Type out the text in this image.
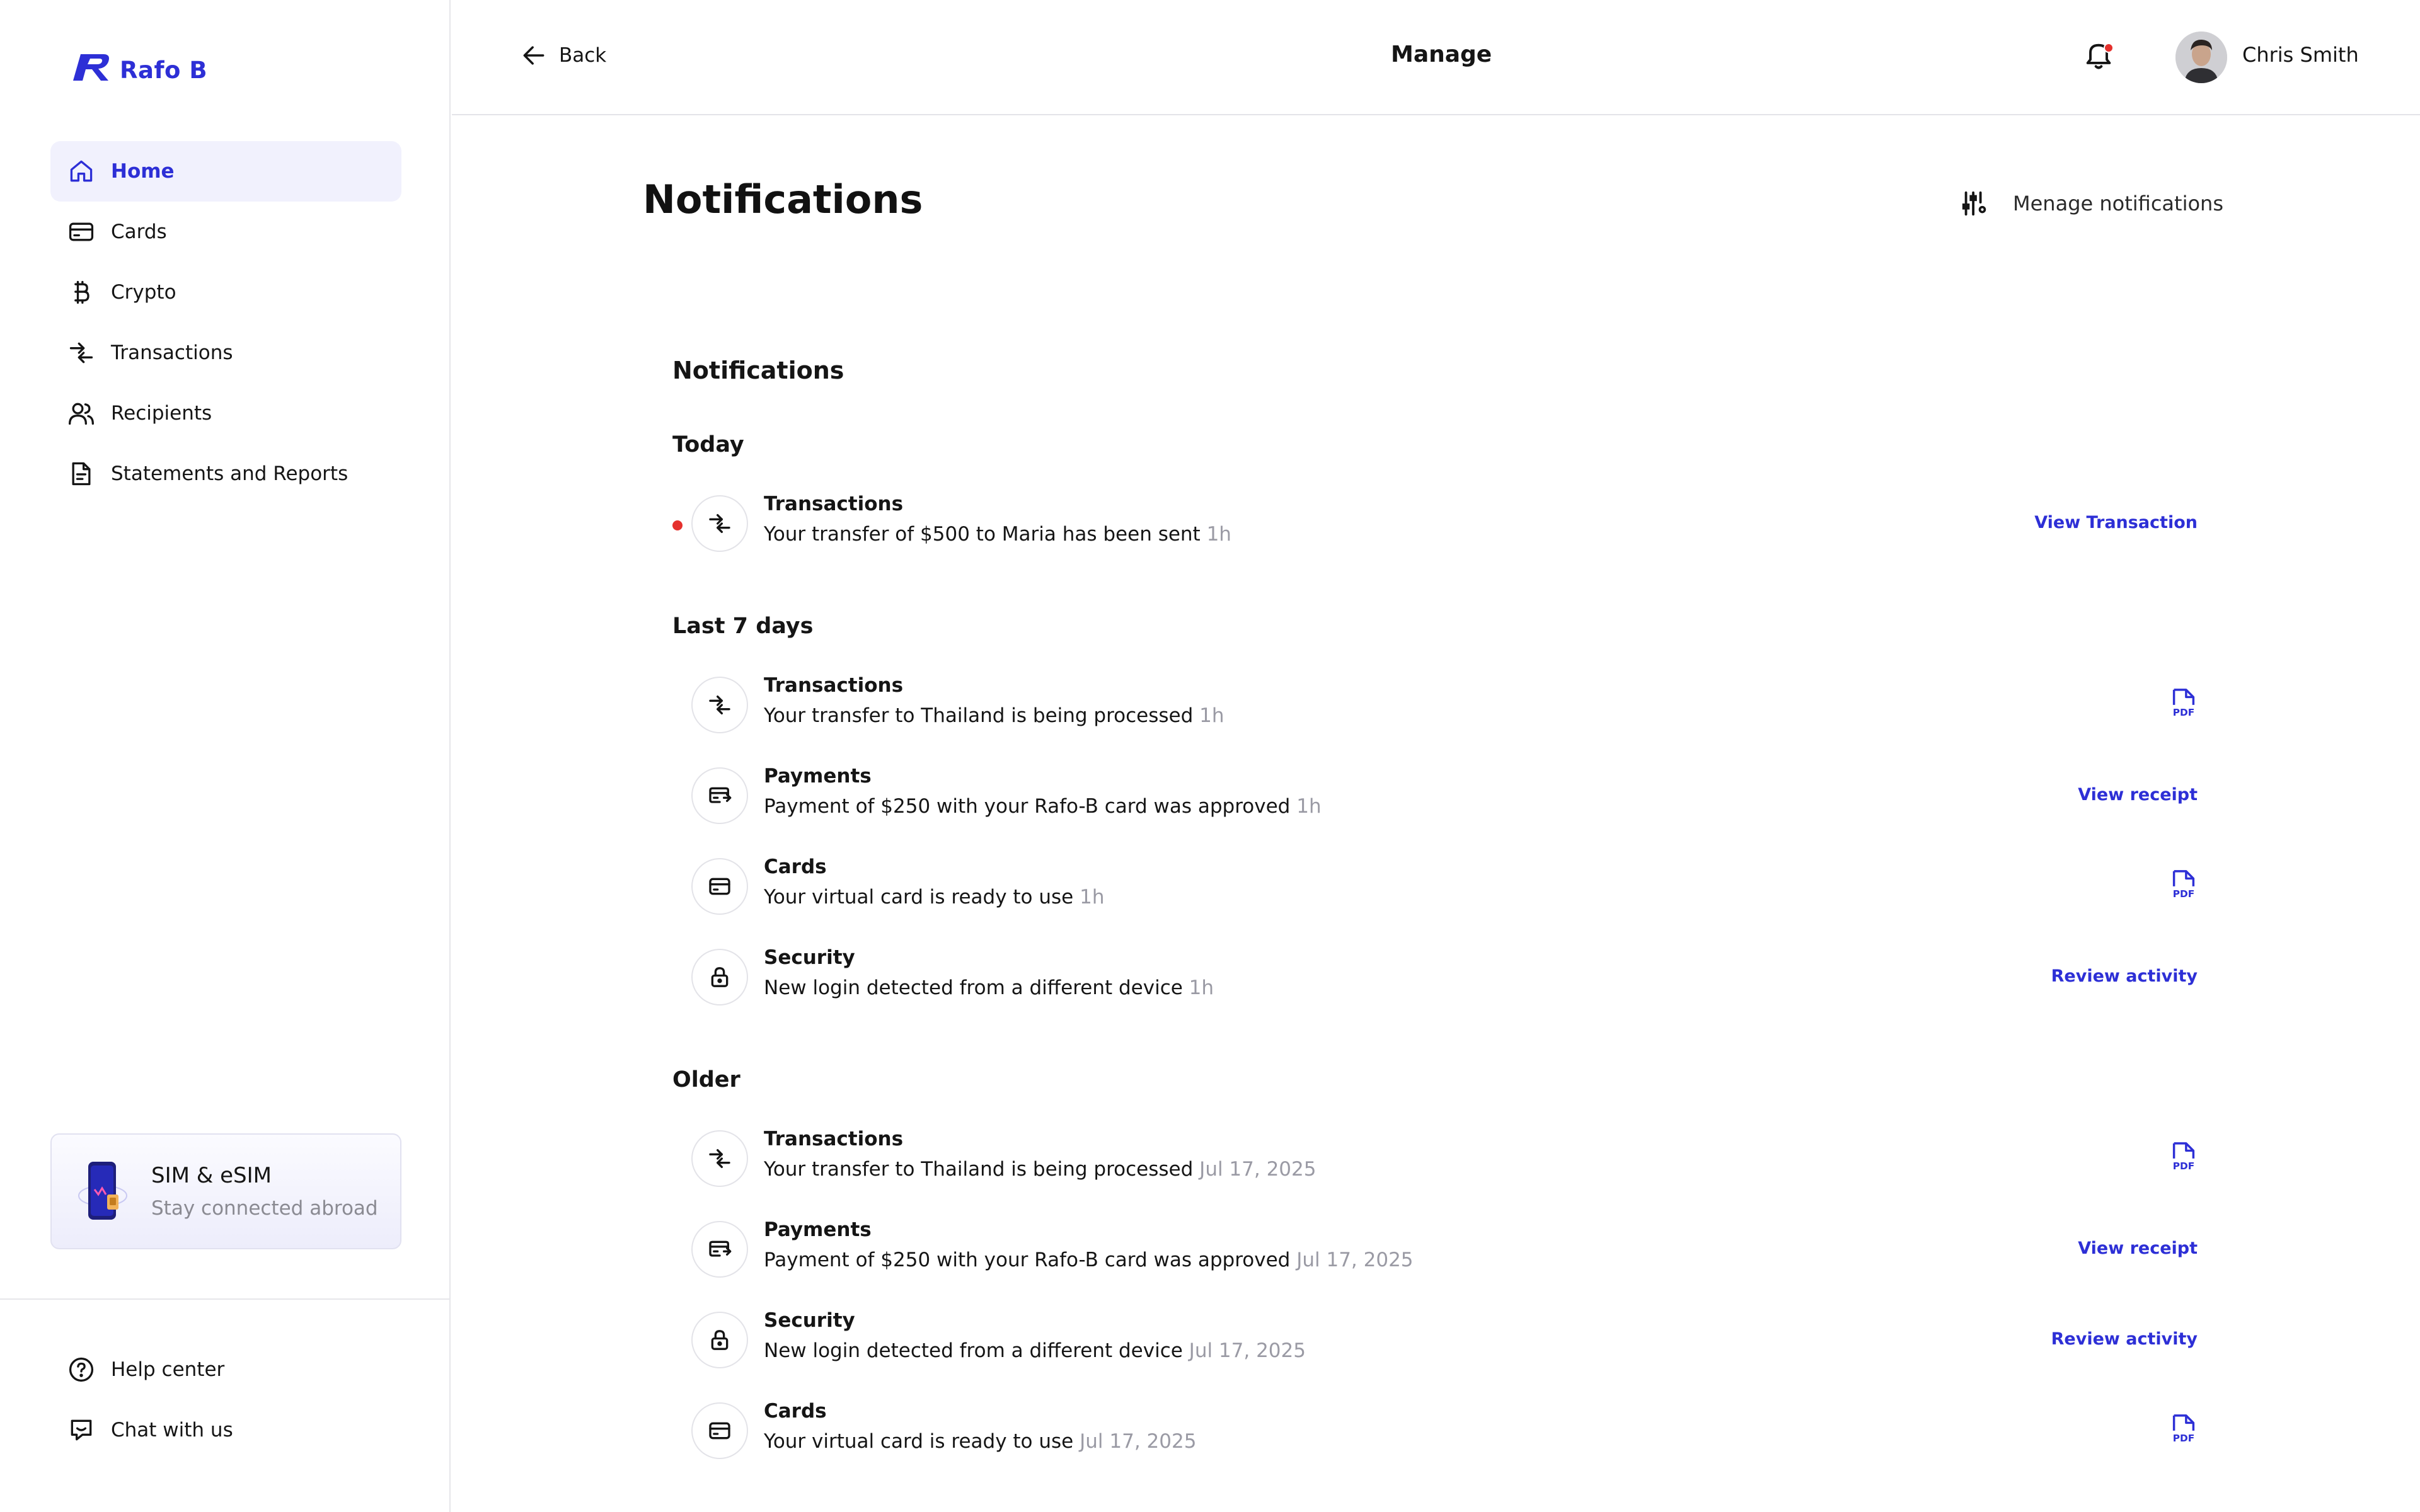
Rafo B
Home
Cards
Crypto
Transactions
Recipients
Statements and Reports
SIM & eSIM
Stay connected abroad
Help center
Chat with us
Back	Manage	Chris Smith
Notifications	Menage notifications
Notifications
Today
Transactions
Your transfer of $500 to Maria has been sent 1h
View Transaction
Last 7 days
Transactions
Your transfer to Thailand is being processed 1h	PDF
Payments
Payment of $250 with your Rafo-B card was approved 1h
View receipt
Cards
Your virtual card is ready to use 1h	PDF
Security
New login detected from a different device 1h
Review activity
Older
Transactions
Your transfer to Thailand is being processed Jul 17, 2025	PDF
Payments
Payment of $250 with your Rafo-B card was approved Jul 17, 2025
View receipt
Security
New login detected from a different device Jul 17, 2025
Review activity
Cards
Your virtual card is ready to use Jul 17, 2025	PDF
